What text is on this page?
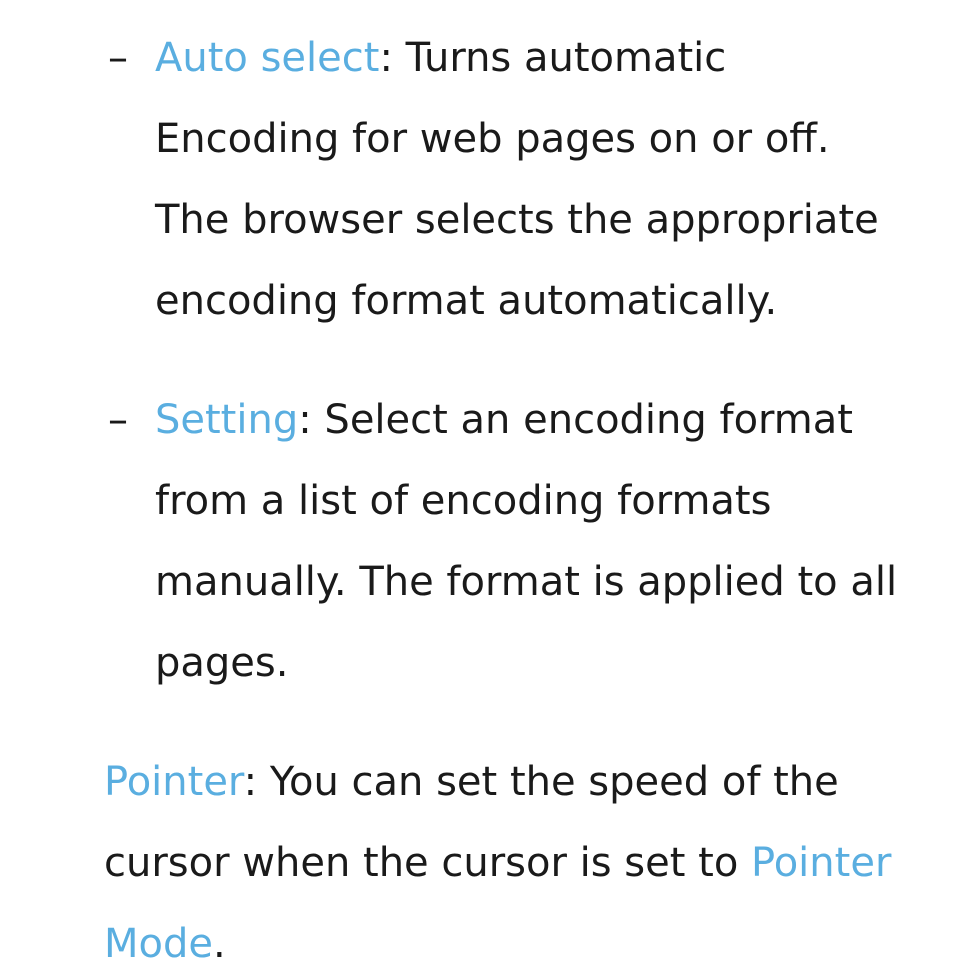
– Auto select: Turns automatic
Encoding for web pages on or off.
The browser selects the appropriate
encoding format automatically.
– Setting: Select an encoding format
from a list of encoding formats
manually. The format is applied to all
pages.
Pointer: You can set the speed of the
cursor when the cursor is set to Pointer
Mode.
